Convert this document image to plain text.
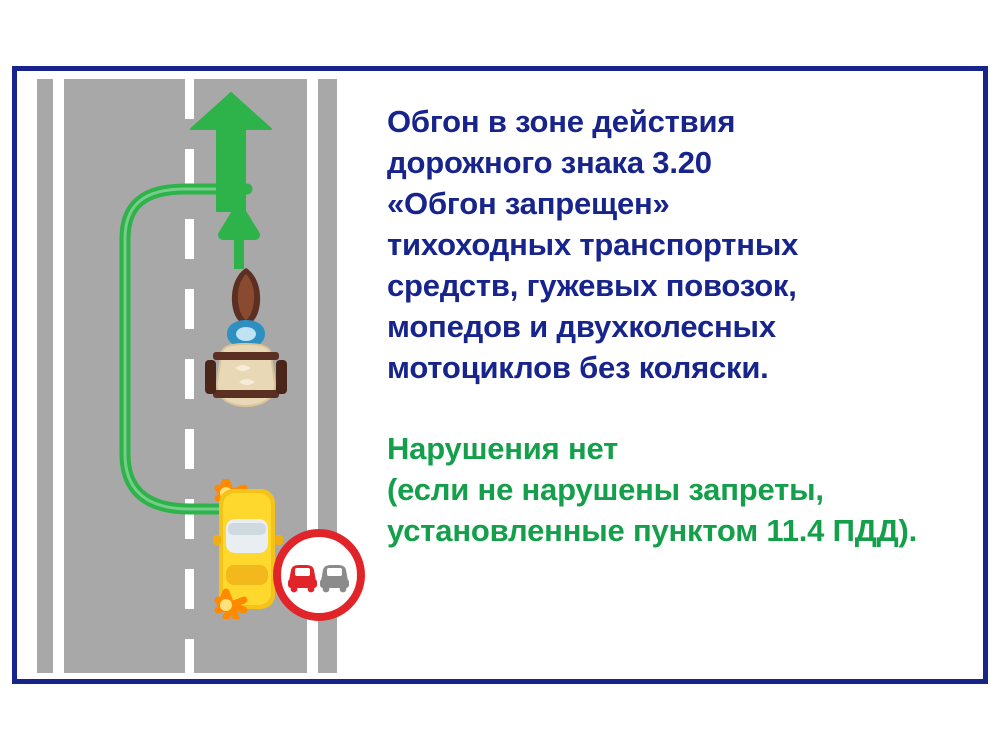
Обгон в зоне действия
дорожного знака 3.20
«Обгон запрещен»
тихоходных транспортных
средств, гужевых повозок,
мопедов и двухколесных
мотоциклов без коляски.
Нарушения нет
(если не нарушены запреты,
установленные пунктом 11.4 ПДД).
